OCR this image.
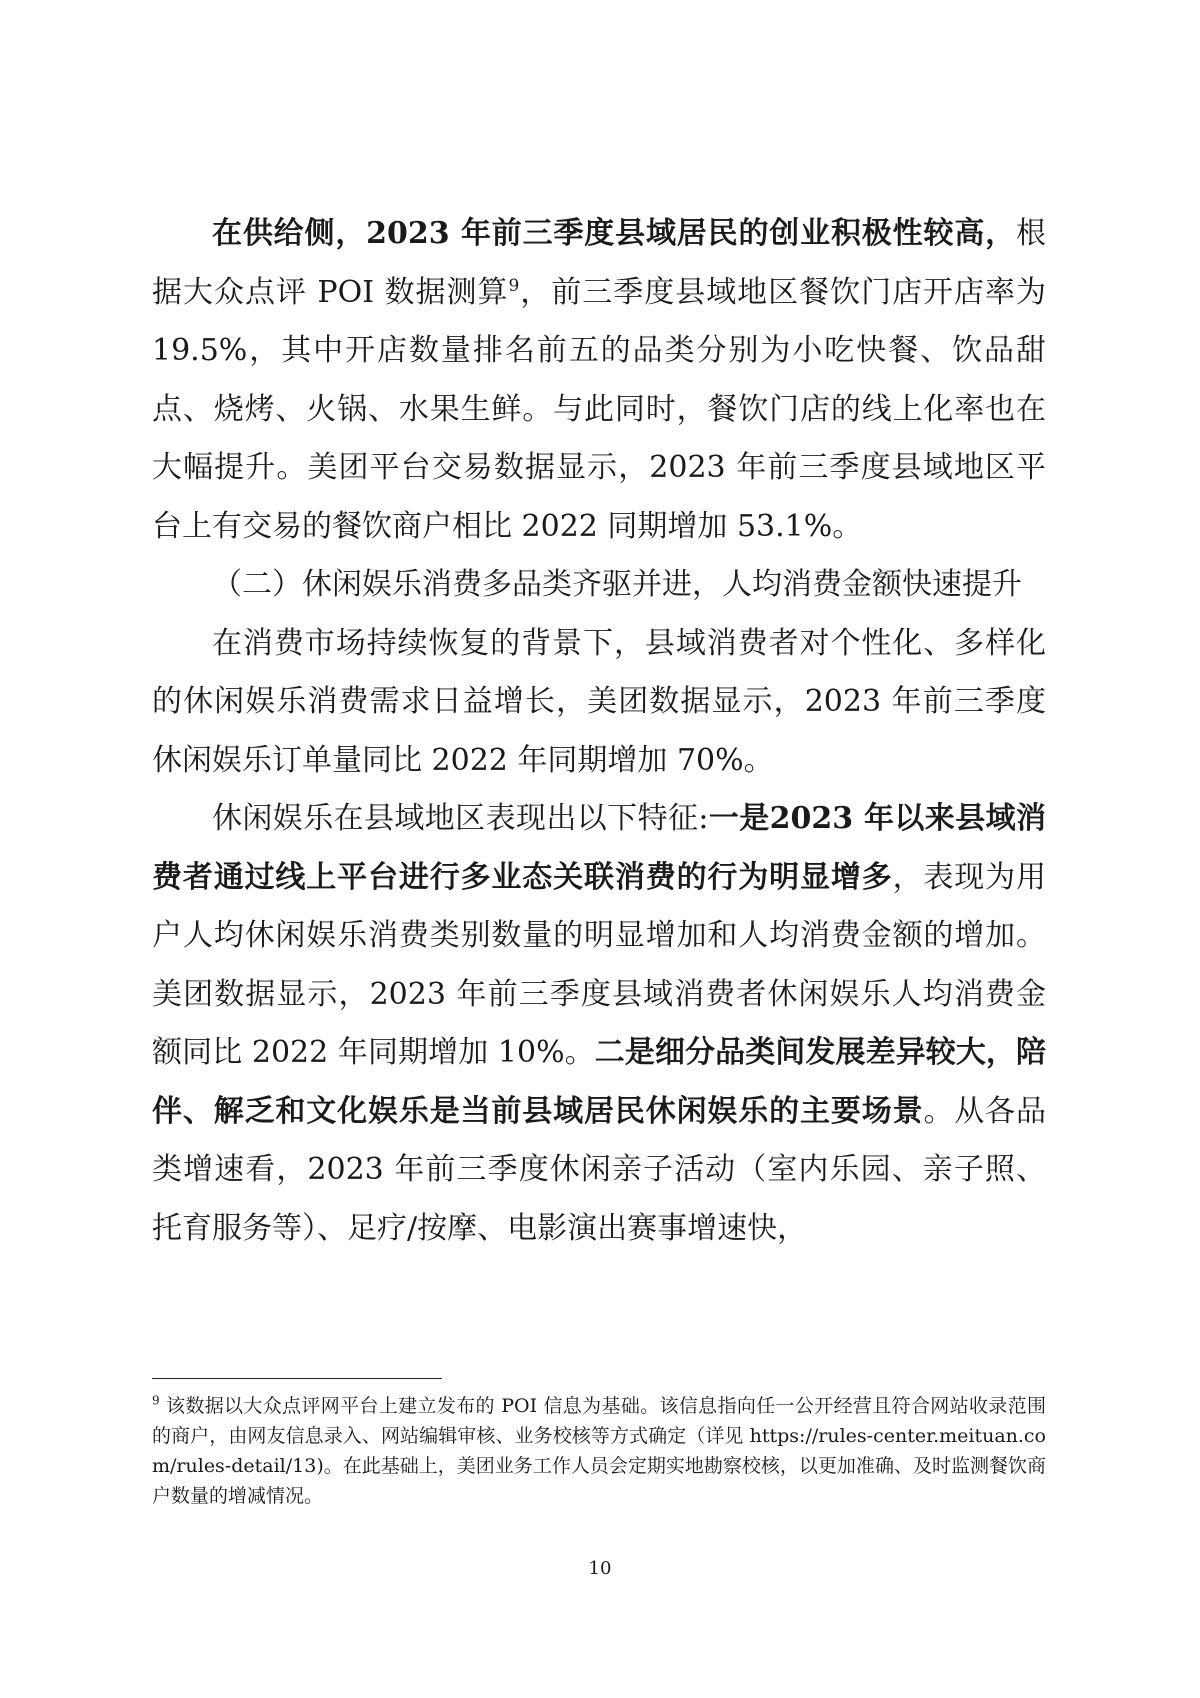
在供给侧，2023 年前三季度县域居民的创业积极性较高，根据大众点评 POI 数据测算$^9$，前三季度县域地区餐饮门店开店率为 19.5%，其中开店数量排名前五的品类分别为小吃快餐、饮品甜点、烧烤、火锅、水果生鲜。与此同时，餐饮门店的线上化率也在大幅提升。美团平台交易数据显示，2023 年前三季度县域地区平台上有交易的餐饮商户相比 2022 同期增加 53.1%。

（二）休闲娱乐消费多品类齐驱并进，人均消费金额快速提升

在消费市场持续恢复的背景下，县域消费者对个性化、多样化的休闲娱乐消费需求日益增长，美团数据显示，2023 年前三季度休闲娱乐订单量同比 2022 年同期增加 70%。

休闲娱乐在县域地区表现出以下特征:一是2023 年以来县域消费者通过线上平台进行多业态关联消费的行为明显增多，表现为用户人均休闲娱乐消费类别数量的明显增加和人均消费金额的增加。美团数据显示，2023 年前三季度县域消费者休闲娱乐人均消费金额同比 2022 年同期增加 10%。二是细分品类间发展差异较大，陪伴、解乏和文化娱乐是当前县域居民休闲娱乐的主要场景。从各品类增速看，2023 年前三季度休闲亲子活动（室内乐园、亲子照、托育服务等）、足疗/按摩、电影演出赛事增速快，

$^9$ 该数据以大众点评网平台上建立发布的 POI 信息为基础。该信息指向任一公开经营且符合网站收录范围的商户，由网友信息录入、网站编辑审核、业务校核等方式确定（详见 https://rules-center.meituan.com/rules-detail/13)。在此基础上，美团业务工作人员会定期实地勘察校核，以更加准确、及时监测餐饮商户数量的增减情况。
10
